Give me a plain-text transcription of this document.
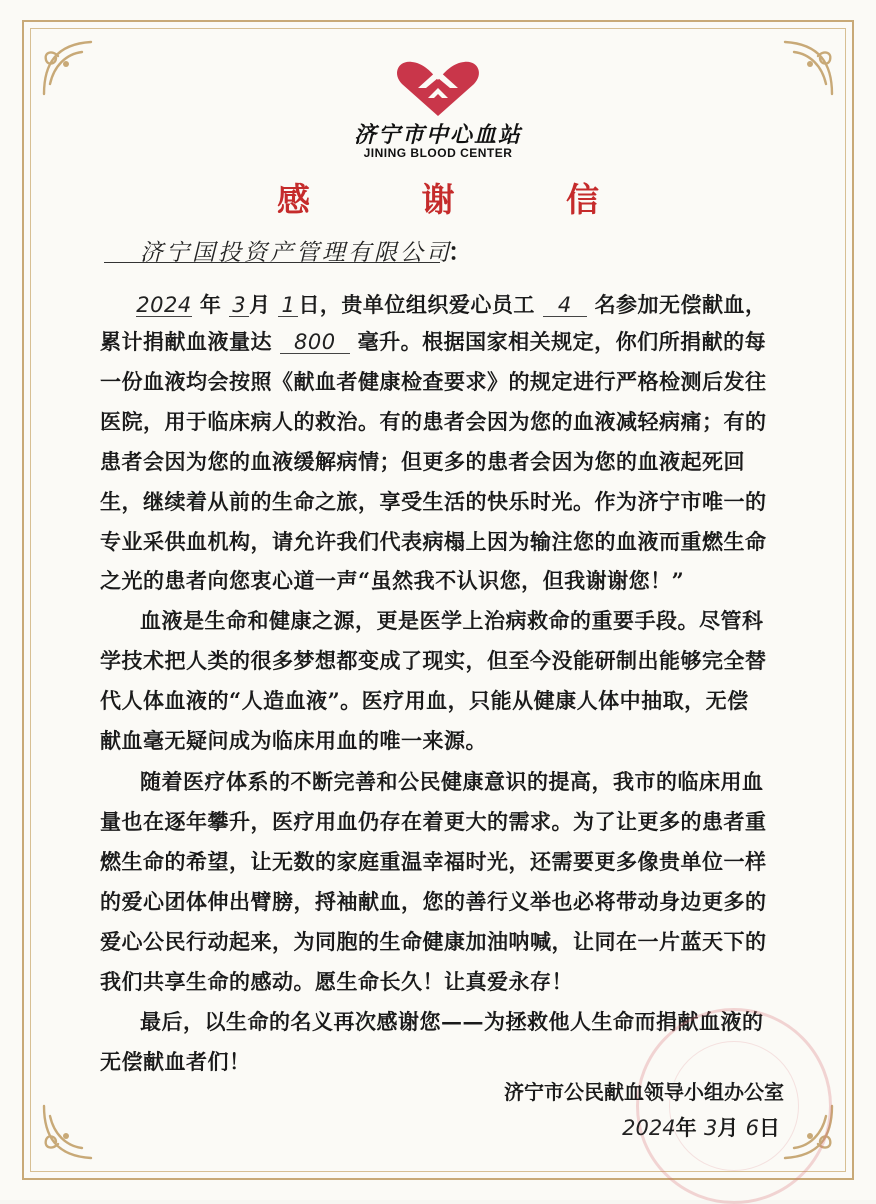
济宁市中心血站
JINING BLOOD CENTER
感 谢 信
济宁国投资产管理有限公司
：
2024 年 3 月 1 日，贵单位组织爱心员工 4 名参加无偿献血，
累计捐献血液量达 800 毫升。根据国家相关规定，你们所捐献的每
一份血液均会按照《献血者健康检查要求》的规定进行严格检测后发往
医院，用于临床病人的救治。有的患者会因为您的血液减轻病痛；有的
患者会因为您的血液缓解病情；但更多的患者会因为您的血液起死回
生，继续着从前的生命之旅，享受生活的快乐时光。作为济宁市唯一的
专业采供血机构，请允许我们代表病榻上因为输注您的血液而重燃生命
之光的患者向您衷心道一声“虽然我不认识您，但我谢谢您！”
血液是生命和健康之源，更是医学上治病救命的重要手段。尽管科
学技术把人类的很多梦想都变成了现实，但至今没能研制出能够完全替
代人体血液的“人造血液”。医疗用血，只能从健康人体中抽取，无偿
献血毫无疑问成为临床用血的唯一来源。
随着医疗体系的不断完善和公民健康意识的提高，我市的临床用血
量也在逐年攀升，医疗用血仍存在着更大的需求。为了让更多的患者重
燃生命的希望，让无数的家庭重温幸福时光，还需要更多像贵单位一样
的爱心团体伸出臂膀，捋袖献血，您的善行义举也必将带动身边更多的
爱心公民行动起来，为同胞的生命健康加油呐喊，让同在一片蓝天下的
我们共享生命的感动。愿生命长久！让真爱永存！
最后，以生命的名义再次感谢您——为拯救他人生命而捐献血液的
无偿献血者们！
济宁市公民献血领导小组办公室
2024年 3月 6日
